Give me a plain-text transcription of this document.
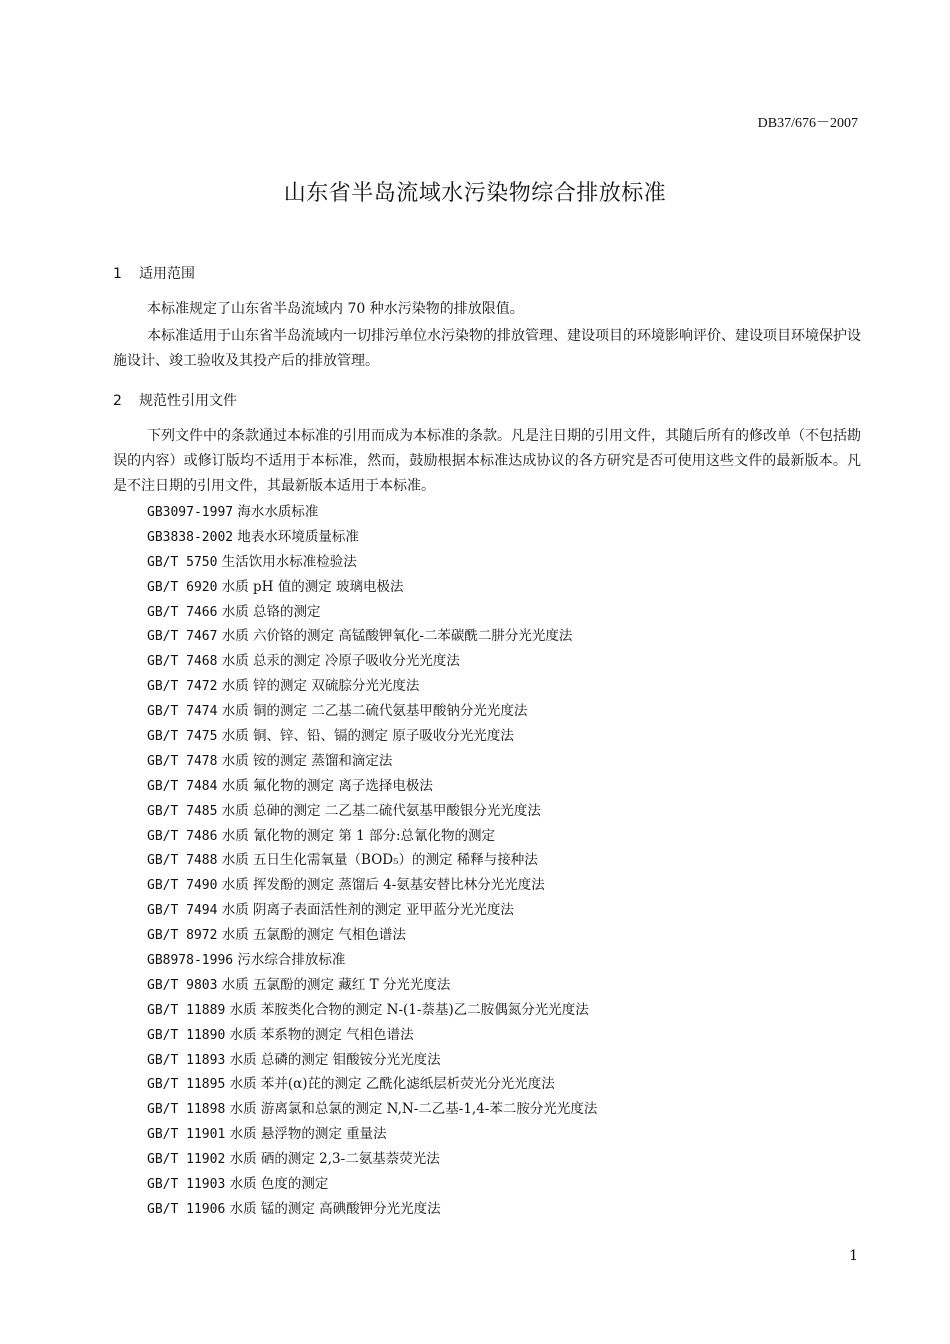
DB37/676－2007
山东省半岛流域水污染物综合排放标准
1 适用范围

本标准规定了山东省半岛流域内 70 种水污染物的排放限值。

本标准适用于山东省半岛流域内一切排污单位水污染物的排放管理、建设项目的环境影响评价、建设项目环境保护设施设计、竣工验收及其投产后的排放管理。

2 规范性引用文件

下列文件中的条款通过本标准的引用而成为本标准的条款。凡是注日期的引用文件，其随后所有的修改单（不包括勘误的内容）或修订版均不适用于本标准，然而，鼓励根据本标准达成协议的各方研究是否可使用这些文件的最新版本。凡是不注日期的引用文件，其最新版本适用于本标准。

GB3097-1997 海水水质标准
GB3838-2002 地表水环境质量标准
GB/T 5750 生活饮用水标准检验法
GB/T 6920 水质 pH 值的测定 玻璃电极法
GB/T 7466 水质 总铬的测定
GB/T 7467 水质 六价铬的测定 高锰酸钾氧化-二苯碳酰二肼分光光度法
GB/T 7468 水质 总汞的测定 冷原子吸收分光光度法
GB/T 7472 水质 锌的测定 双硫腙分光光度法
GB/T 7474 水质 铜的测定 二乙基二硫代氨基甲酸钠分光光度法
GB/T 7475 水质 铜、锌、铅、镉的测定 原子吸收分光光度法
GB/T 7478 水质 铵的测定 蒸馏和滴定法
GB/T 7484 水质 氟化物的测定 离子选择电极法
GB/T 7485 水质 总砷的测定 二乙基二硫代氨基甲酸银分光光度法
GB/T 7486 水质 氰化物的测定 第 1 部分:总氰化物的测定
GB/T 7488 水质 五日生化需氧量（BOD₅）的测定 稀释与接种法
GB/T 7490 水质 挥发酚的测定 蒸馏后 4-氨基安替比林分光光度法
GB/T 7494 水质 阴离子表面活性剂的测定 亚甲蓝分光光度法
GB/T 8972 水质 五氯酚的测定 气相色谱法
GB8978-1996 污水综合排放标准
GB/T 9803 水质 五氯酚的测定 藏红 T 分光光度法
GB/T 11889 水质 苯胺类化合物的测定 N-(1-萘基)乙二胺偶氮分光光度法
GB/T 11890 水质 苯系物的测定 气相色谱法
GB/T 11893 水质 总磷的测定 钼酸铵分光光度法
GB/T 11895 水质 苯并(α)芘的测定 乙酰化滤纸层析荧光分光光度法
GB/T 11898 水质 游离氯和总氯的测定 N,N-二乙基-1,4-苯二胺分光光度法
GB/T 11901 水质 悬浮物的测定 重量法
GB/T 11902 水质 硒的测定 2,3-二氨基萘荧光法
GB/T 11903 水质 色度的测定
GB/T 11906 水质 锰的测定 高碘酸钾分光光度法
1
